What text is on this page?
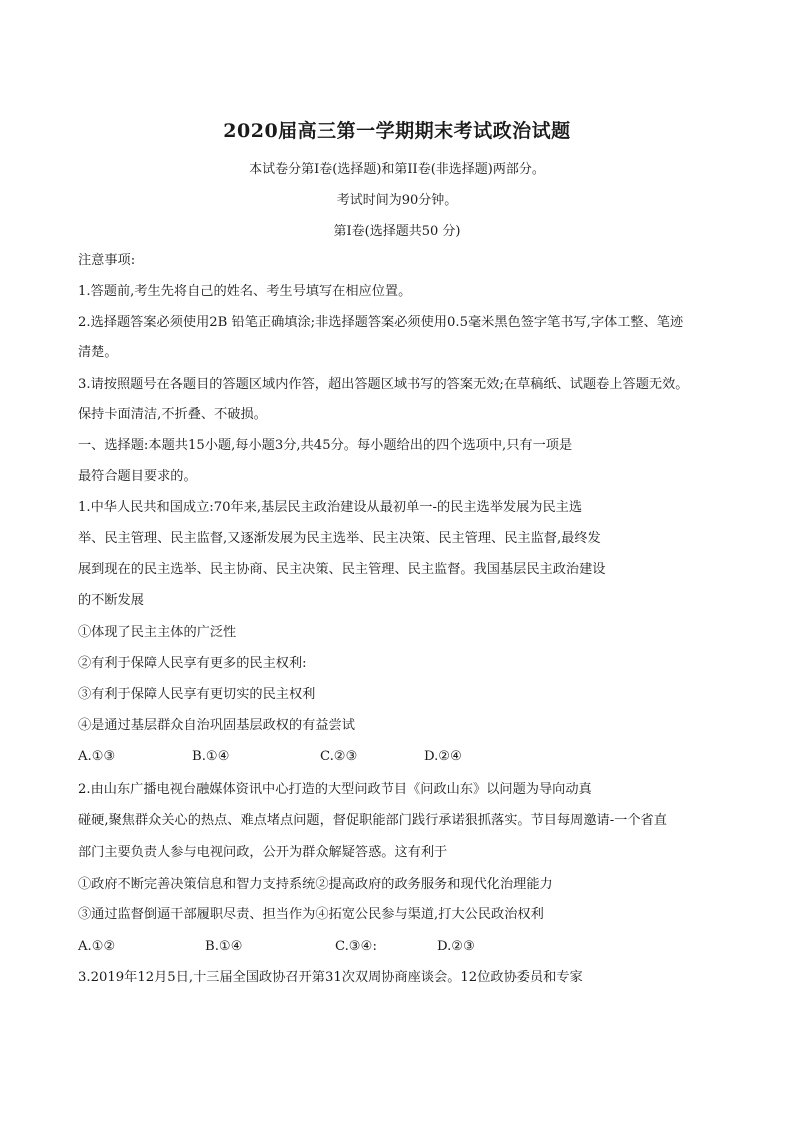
2020届高三第一学期期末考试政治试题
本试卷分第I卷(选择题)和第II卷(非选择题)两部分。
考试时间为90分钟。
第I卷(选择题共50 分)
注意事项:
1.答题前,考生先将自己的姓名、考生号填写在相应位置。
2.选择题答案必须使用2B 铅笔正确填涂;非选择题答案必须使用0.5毫米黑色签字笔书写,字体工整、笔迹
清楚。
3.请按照题号在各题目的答题区域内作答，超出答题区域书写的答案无效;在草稿纸、试题卷上答题无效。
保持卡面清洁,不折叠、不破损。
一、选择题:本题共15小题,每小题3分,共45分。每小题给出的四个选项中,只有一项是
最符合题目要求的。
1.中华人民共和国成立:70年来,基层民主政治建设从最初单一-的民主选举发展为民主选
举、民主管理、民主监督,又逐渐发展为民主选举、民主决策、民主管理、民主监督,最终发
展到现在的民主选举、民主协商、民主决策、民主管理、民主监督。我国基层民主政治建设
的不断发展
①体现了民主主体的广泛性
②有利于保障人民享有更多的民主权利:
③有利于保障人民享有更切实的民主权利
④是通过基层群众自治巩固基层政权的有益尝试
A.①③	B.①④	C.②③	D.②④
2.由山东广播电视台融媒体资讯中心打造的大型问政节目《问政山东》以问题为导向动真
碰硬,聚焦群众关心的热点、难点堵点问题，督促职能部门践行承诺狠抓落实。节目每周邀请-一个省直
部门主要负责人参与电视问政，公开为群众解疑答惑。这有利于
①政府不断完善决策信息和智力支持系统②提高政府的政务服务和现代化治理能力
③通过监督倒逼干部履职尽责、担当作为④拓宽公民参与渠道,打大公民政治权利
A.①②	B.①④	C.③④:	D.②③
3.2019年12月5日,十三届全国政协召开第31次双周协商座谈会。12位政协委员和专家
